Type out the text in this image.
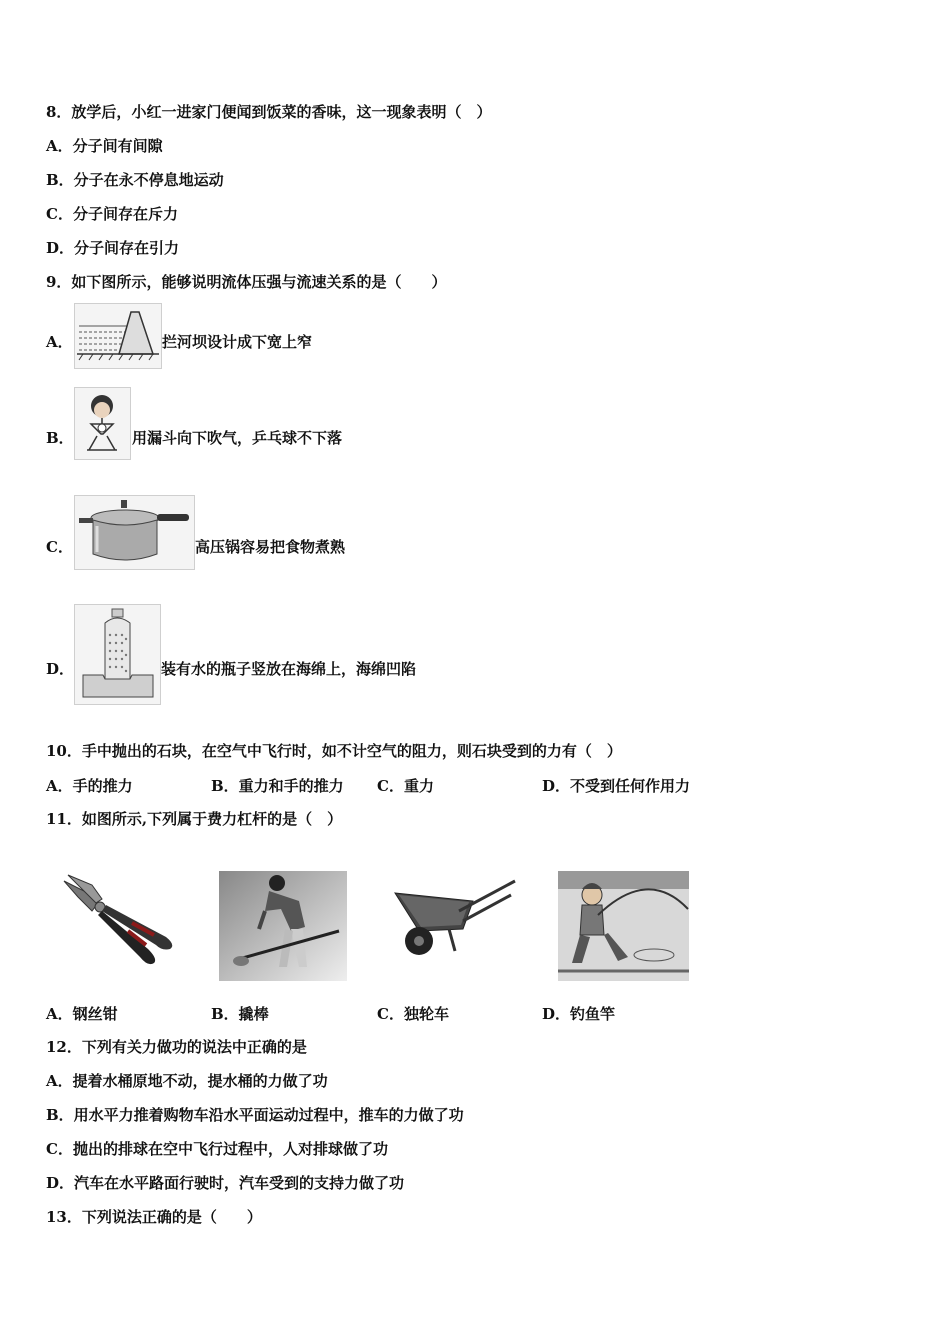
8．放学后，小红一进家门便闻到饭菜的香味，这一现象表明（　）
A．分子间有间隙
B．分子在永不停息地运动
C．分子间存在斥力
D．分子间存在引力
9．如下图所示，能够说明流体压强与流速关系的是（　　）
A．	拦河坝设计成下宽上窄
B．	用漏斗向下吹气，乒乓球不下落
C．	高压锅容易把食物煮熟
D．	装有水的瓶子竖放在海绵上，海绵凹陷
10．手中抛出的石块，在空气中飞行时，如不计空气的阻力，则石块受到的力有（　）
A．手的推力	B．重力和手的推力 C．重力	D．不受到任何作用力
11．如图所示,下列属于费力杠杆的是（　）
A．钢丝钳	B．撬棒	C．独轮车	D．钓鱼竿
12．下列有关力做功的说法中正确的是
A．提着水桶原地不动，提水桶的力做了功
B．用水平力推着购物车沿水平面运动过程中，推车的力做了功
C．抛出的排球在空中飞行过程中，人对排球做了功
D．汽车在水平路面行驶时，汽车受到的支持力做了功
13．下列说法正确的是（　　）
